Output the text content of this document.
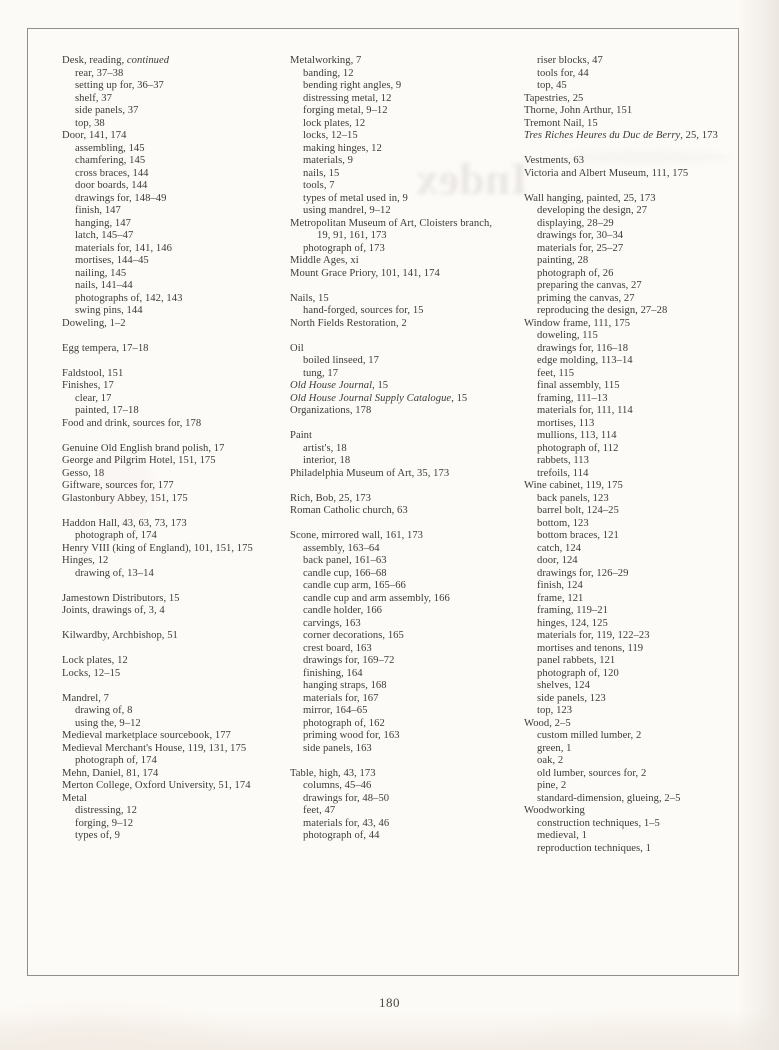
Index
Desk, reading, continued
rear, 37–38
setting up for, 36–37
shelf, 37
side panels, 37
top, 38
Door, 141, 174
assembling, 145
chamfering, 145
cross braces, 144
door boards, 144
drawings for, 148–49
finish, 147
hanging, 147
latch, 145–47
materials for, 141, 146
mortises, 144–45
nailing, 145
nails, 141–44
photographs of, 142, 143
swing pins, 144
Doweling, 1–2
Egg tempera, 17–18
Faldstool, 151
Finishes, 17
clear, 17
painted, 17–18
Food and drink, sources for, 178
Genuine Old English brand polish, 17
George and Pilgrim Hotel, 151, 175
Gesso, 18
Giftware, sources for, 177
Glastonbury Abbey, 151, 175
Haddon Hall, 43, 63, 73, 173
photograph of, 174
Henry VIII (king of England), 101, 151, 175
Hinges, 12
drawing of, 13–14
Jamestown Distributors, 15
Joints, drawings of, 3, 4
Kilwardby, Archbishop, 51
Lock plates, 12
Locks, 12–15
Mandrel, 7
drawing of, 8
using the, 9–12
Medieval marketplace sourcebook, 177
Medieval Merchant's House, 119, 131, 175
photograph of, 174
Mehn, Daniel, 81, 174
Merton College, Oxford University, 51, 174
Metal
distressing, 12
forging, 9–12
types of, 9
Metalworking, 7
banding, 12
bending right angles, 9
distressing metal, 12
forging metal, 9–12
lock plates, 12
locks, 12–15
making hinges, 12
materials, 9
nails, 15
tools, 7
types of metal used in, 9
using mandrel, 9–12
Metropolitan Museum of Art, Cloisters branch,
19, 91, 161, 173
photograph of, 173
Middle Ages, xi
Mount Grace Priory, 101, 141, 174
Nails, 15
hand-forged, sources for, 15
North Fields Restoration, 2
Oil
boiled linseed, 17
tung, 17
Old House Journal, 15
Old House Journal Supply Catalogue, 15
Organizations, 178
Paint
artist's, 18
interior, 18
Philadelphia Museum of Art, 35, 173
Rich, Bob, 25, 173
Roman Catholic church, 63
Scone, mirrored wall, 161, 173
assembly, 163–64
back panel, 161–63
candle cup, 166–68
candle cup arm, 165–66
candle cup and arm assembly, 166
candle holder, 166
carvings, 163
corner decorations, 165
crest board, 163
drawings for, 169–72
finishing, 164
hanging straps, 168
materials for, 167
mirror, 164–65
photograph of, 162
priming wood for, 163
side panels, 163
Table, high, 43, 173
columns, 45–46
drawings for, 48–50
feet, 47
materials for, 43, 46
photograph of, 44
riser blocks, 47
tools for, 44
top, 45
Tapestries, 25
Thorne, John Arthur, 151
Tremont Nail, 15
Tres Riches Heures du Duc de Berry, 25, 173
Vestments, 63
Victoria and Albert Museum, 111, 175
Wall hanging, painted, 25, 173
developing the design, 27
displaying, 28–29
drawings for, 30–34
materials for, 25–27
painting, 28
photograph of, 26
preparing the canvas, 27
priming the canvas, 27
reproducing the design, 27–28
Window frame, 111, 175
doweling, 115
drawings for, 116–18
edge molding, 113–14
feet, 115
final assembly, 115
framing, 111–13
materials for, 111, 114
mortises, 113
mullions, 113, 114
photograph of, 112
rabbets, 113
trefoils, 114
Wine cabinet, 119, 175
back panels, 123
barrel bolt, 124–25
bottom, 123
bottom braces, 121
catch, 124
door, 124
drawings for, 126–29
finish, 124
frame, 121
framing, 119–21
hinges, 124, 125
materials for, 119, 122–23
mortises and tenons, 119
panel rabbets, 121
photograph of, 120
shelves, 124
side panels, 123
top, 123
Wood, 2–5
custom milled lumber, 2
green, 1
oak, 2
old lumber, sources for, 2
pine, 2
standard-dimension, glueing, 2–5
Woodworking
construction techniques, 1–5
medieval, 1
reproduction techniques, 1
180
